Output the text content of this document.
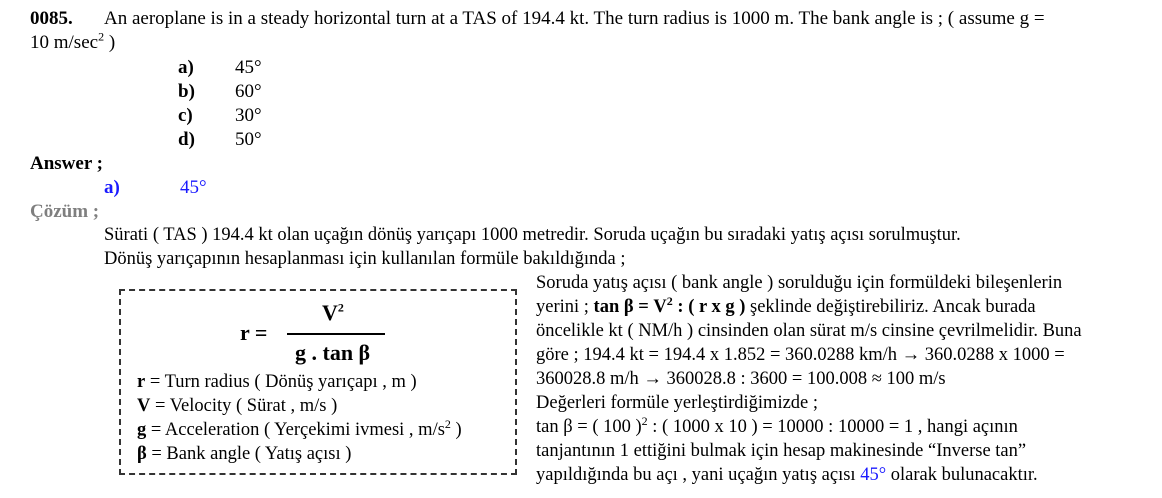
0085. An aeroplane is in a steady horizontal turn at a TAS of 194.4 kt. The turn radius is 1000 m. The bank angle is ; ( assume g =
10 $m/\sec^2$ )
a) 45°
b) 60°
c) 30°
d) 50°
Answer ;
a)	45°
Çözüm ;
Sürati ( TAS ) 194.4 kt olan uçağın dönüş yarıçapı 1000 metredir. Soruda uçağın bu sıradaki yatış açısı sorulmuştur.
Dönüş yarıçapının hesaplanması için kullanılan formüle bakıldığında ;
r =
$V^2$
g . tan β
r = Turn radius ( Dönüş yarıçapı , m )
V = Velocity ( Sürat , m/s )
g = Acceleration ( Yerçekimi ivmesi , $m/s^2$ )
β = Bank angle ( Yatış açısı )
Soruda yatış açısı ( bank angle ) sorulduğu için formüldeki bileşenlerin
yerini ; $\tan \beta = V^2$ : ( r x g ) şeklinde değiştirebiliriz. Ancak burada
öncelikle kt ( NM/h ) cinsinden olan sürat m/s cinsine çevrilmelidir. Buna
göre ; 194.4 kt = 194.4 x 1.852 = 360.0288 km/h → 360.0288 x 1000 =
360028.8 m/h → 360028.8 : 3600 = 100.008 ≈ 100 m/s
Değerleri formüle yerleştirdiğimizde ;
tan β = ( 100 )$^2$ : ( 1000 x 10 ) = 10000 : 10000 = 1 , hangi açının
tanjantının 1 ettiğini bulmak için hesap makinesinde “Inverse tan”
yapıldığında bu açı , yani uçağın yatış açısı 45° olarak bulunacaktır.
